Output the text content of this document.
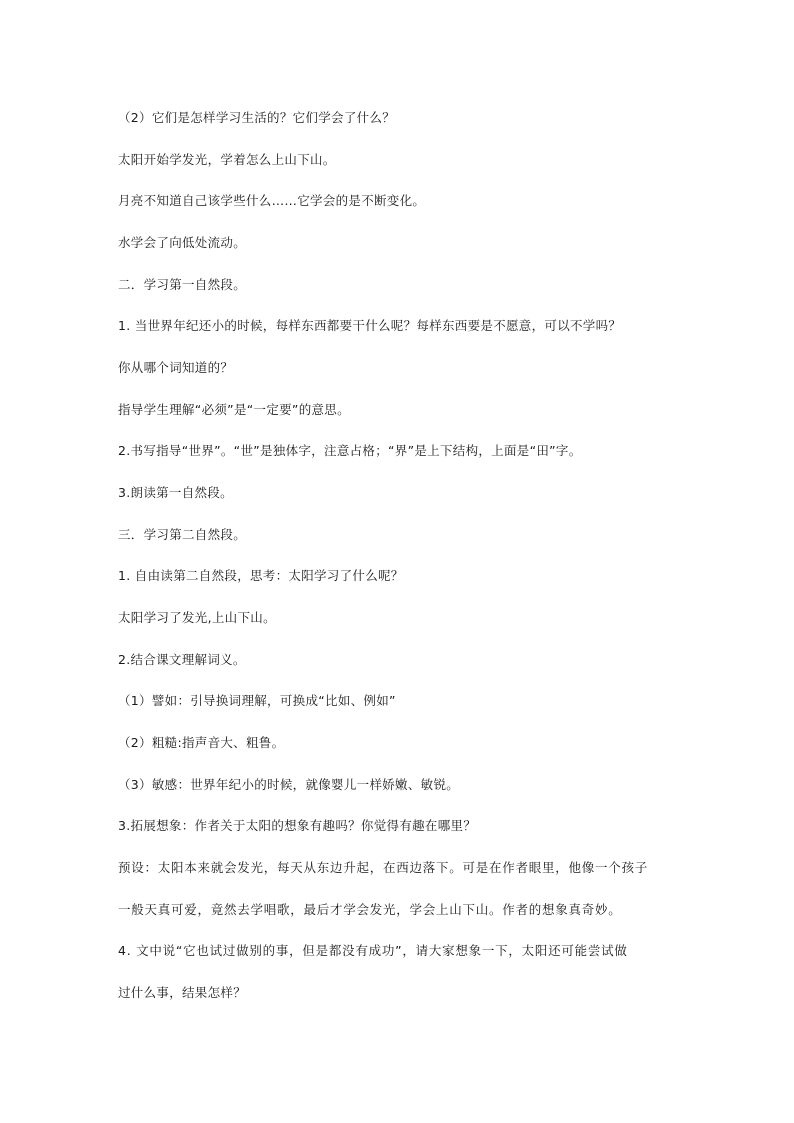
（2）它们是怎样学习生活的？它们学会了什么？
太阳开始学发光，学着怎么上山下山。
月亮不知道自己该学些什么……它学会的是不断变化。
水学会了向低处流动。
二．学习第一自然段。
1. 当世界年纪还小的时候，每样东西都要干什么呢？每样东西要是不愿意，可以不学吗？
你从哪个词知道的？
指导学生理解“必须”是“一定要”的意思。
2.书写指导“世界”。“世”是独体字，注意占格；“界”是上下结构，上面是“田”字。
3.朗读第一自然段。
三．学习第二自然段。
1. 自由读第二自然段，思考：太阳学习了什么呢？
太阳学习了发光,上山下山。
2.结合课文理解词义。
（1）譬如：引导换词理解，可换成“比如、例如”
（2）粗糙:指声音大、粗鲁。
（3）敏感：世界年纪小的时候，就像婴儿一样娇嫩、敏锐。
3.拓展想象：作者关于太阳的想象有趣吗？你觉得有趣在哪里？
预设：太阳本来就会发光，每天从东边升起，在西边落下。可是在作者眼里，他像一个孩子
一般天真可爱，竟然去学唱歌，最后才学会发光，学会上山下山。作者的想象真奇妙。
4. 文中说“它也试过做别的事，但是都没有成功”，请大家想象一下，太阳还可能尝试做
过什么事，结果怎样？
